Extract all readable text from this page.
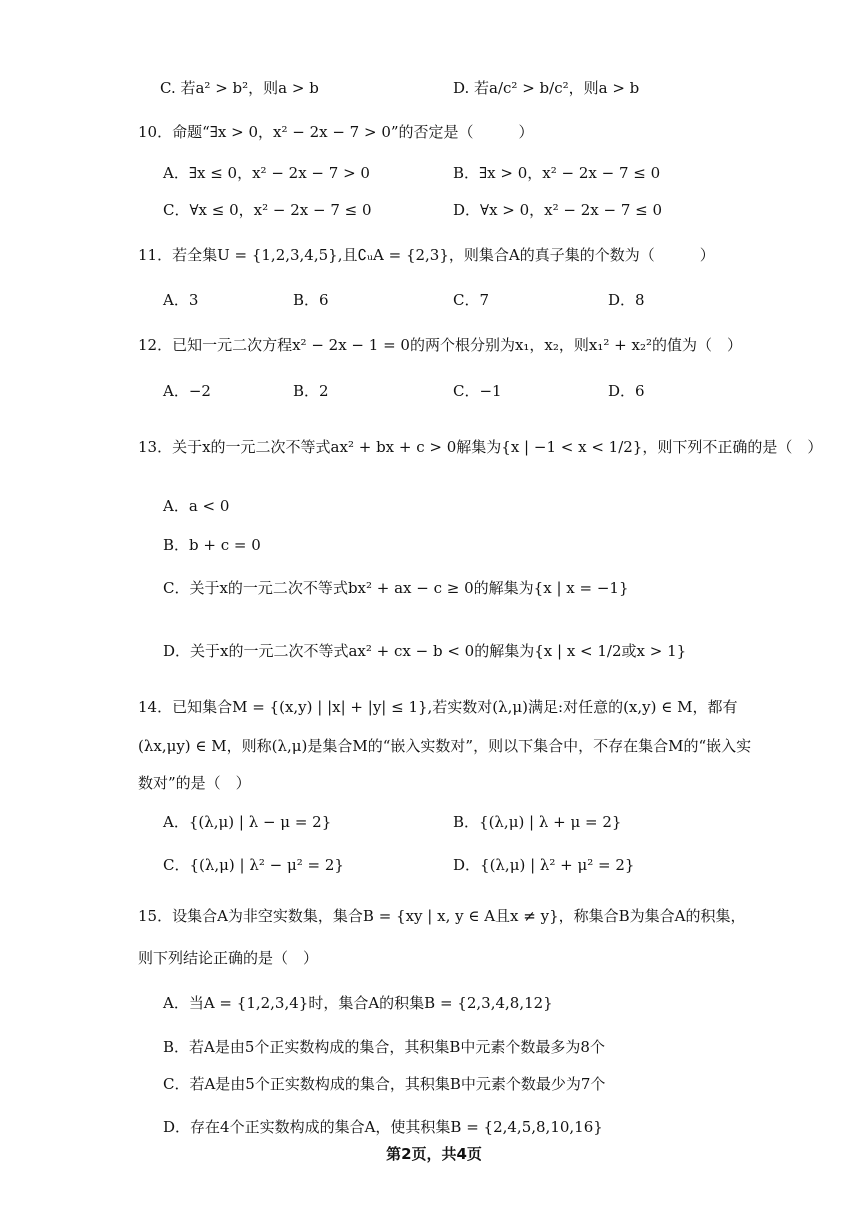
C. 若a² > b²，则a > b	D. 若a/c² > b/c²，则a > b
10．命题“∃x > 0，x² − 2x − 7 > 0”的否定是（　　　）
A．∃x ≤ 0，x² − 2x − 7 > 0	B．∃x > 0，x² − 2x − 7 ≤ 0
C．∀x ≤ 0，x² − 2x − 7 ≤ 0	D．∀x > 0，x² − 2x − 7 ≤ 0
11．若全集U = {1,2,3,4,5},且∁ᵤA = {2,3}，则集合A的真子集的个数为（　　　）
A．3	B．6	C．7	D．8
12．已知一元二次方程x² − 2x − 1 = 0的两个根分别为x₁，x₂，则x₁² + x₂²的值为（　）
A．−2	B．2	C．−1	D．6
13．关于x的一元二次不等式ax² + bx + c > 0解集为{x | −1 < x < 1/2}，则下列不正确的是（　）
A．a < 0
B．b + c = 0
C．关于x的一元二次不等式bx² + ax − c ≥ 0的解集为{x | x = −1}
D．关于x的一元二次不等式ax² + cx − b < 0的解集为{x | x < 1/2或x > 1}
14．已知集合M = {(x,y) | |x| + |y| ≤ 1},若实数对(λ,μ)满足:对任意的(x,y) ∈ M，都有
(λx,μy) ∈ M，则称(λ,μ)是集合M的“嵌入实数对”，则以下集合中，不存在集合M的“嵌入实
数对”的是（　）
A．{(λ,μ) | λ − μ = 2}	B．{(λ,μ) | λ + μ = 2}
C．{(λ,μ) | λ² − μ² = 2}	D．{(λ,μ) | λ² + μ² = 2}
15．设集合A为非空实数集，集合B = {xy | x, y ∈ A且x ≠ y}，称集合B为集合A的积集，
则下列结论正确的是（　）
A．当A = {1,2,3,4}时，集合A的积集B = {2,3,4,8,12}
B．若A是由5个正实数构成的集合，其积集B中元素个数最多为8个
C．若A是由5个正实数构成的集合，其积集B中元素个数最少为7个
D．存在4个正实数构成的集合A，使其积集B = {2,4,5,8,10,16}
第2页，共4页
